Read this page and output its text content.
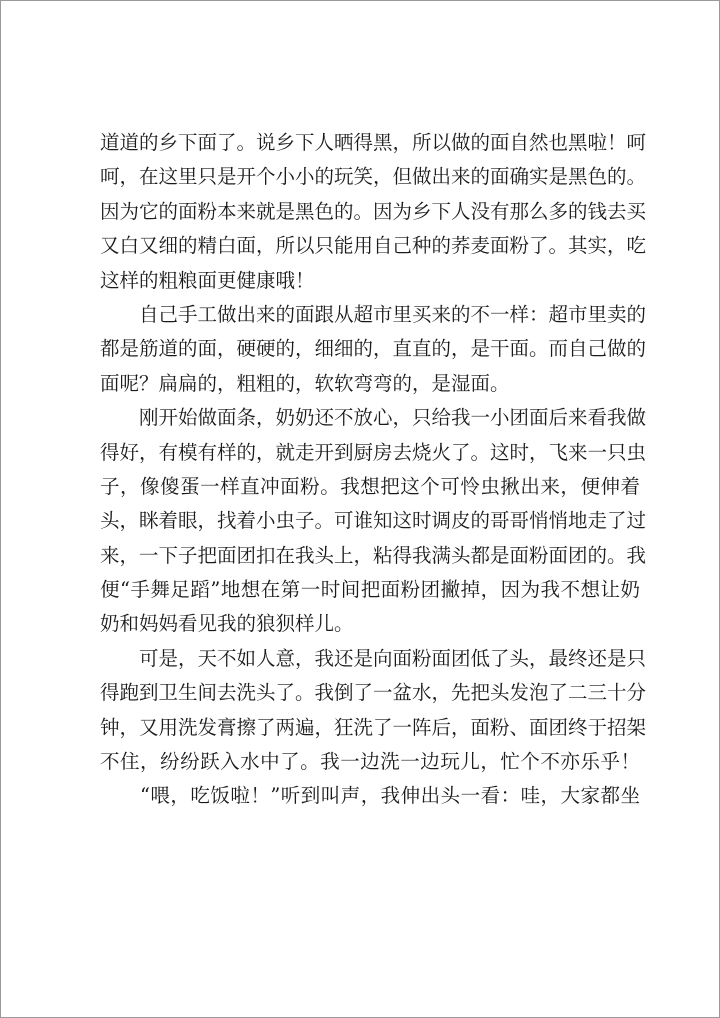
道道的乡下面了。说乡下人晒得黑，所以做的面自然也黑啦！呵
呵，在这里只是开个小小的玩笑，但做出来的面确实是黑色的。
因为它的面粉本来就是黑色的。因为乡下人没有那么多的钱去买
又白又细的精白面，所以只能用自己种的荞麦面粉了。其实，吃
这样的粗粮面更健康哦！
　　自己手工做出来的面跟从超市里买来的不一样：超市里卖的
都是筋道的面，硬硬的，细细的，直直的，是干面。而自己做的
面呢？扁扁的，粗粗的，软软弯弯的，是湿面。
　　刚开始做面条，奶奶还不放心，只给我一小团面后来看我做
得好，有模有样的，就走开到厨房去烧火了。这时，飞来一只虫
子，像傻蛋一样直冲面粉。我想把这个可怜虫揪出来，便伸着
头，眯着眼，找着小虫子。可谁知这时调皮的哥哥悄悄地走了过
来，一下子把面团扣在我头上，粘得我满头都是面粉面团的。我
便“手舞足蹈”地想在第一时间把面粉团撇掉，因为我不想让奶
奶和妈妈看见我的狼狈样儿。
　　可是，天不如人意，我还是向面粉面团低了头，最终还是只
得跑到卫生间去洗头了。我倒了一盆水，先把头发泡了二三十分
钟，又用洗发膏擦了两遍，狂洗了一阵后，面粉、面团终于招架
不住，纷纷跃入水中了。我一边洗一边玩儿，忙个不亦乐乎！
　　“喂，吃饭啦！”听到叫声，我伸出头一看：哇，大家都坐
